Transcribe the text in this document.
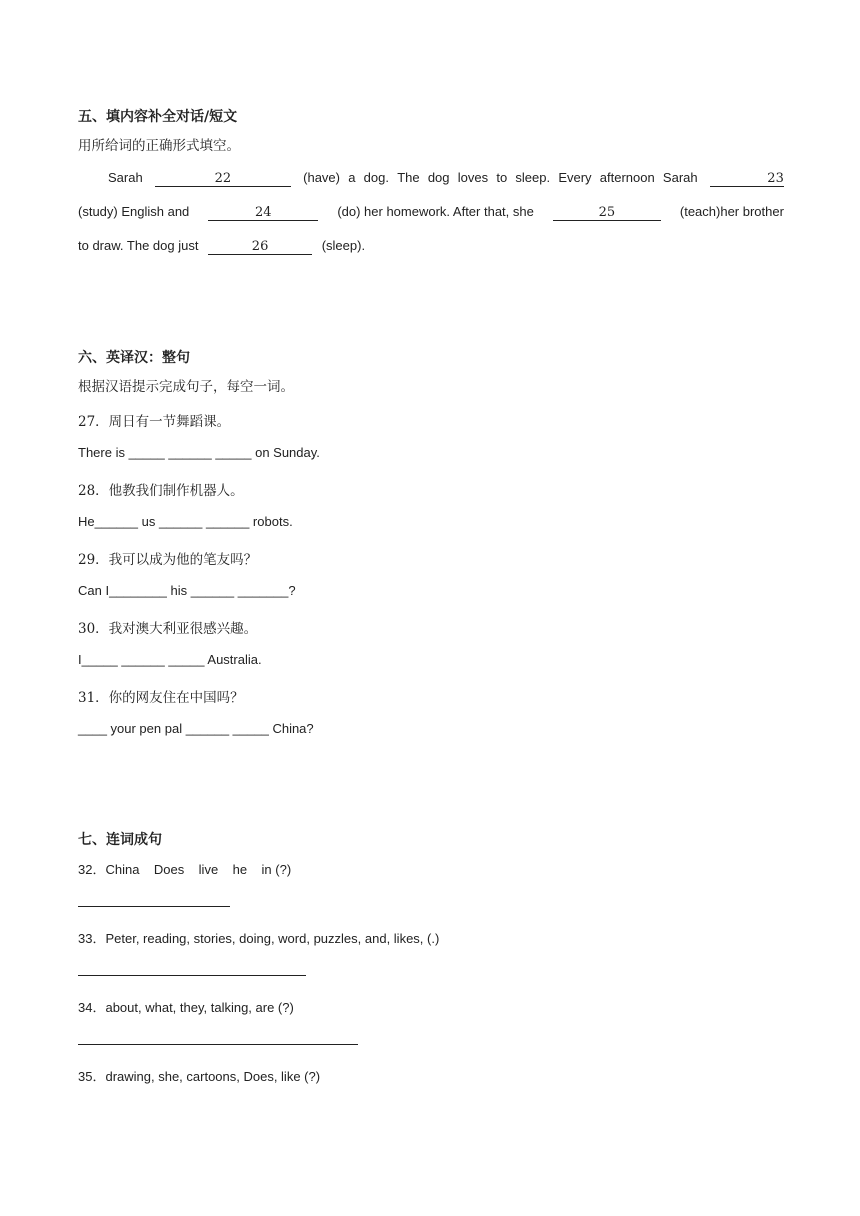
五、填内容补全对话/短文
用所给词的正确形式填空。
Sarah	22	(have) a dog. The dog loves to sleep. Every afternoon Sarah	23
(study) English and	24	(do) her homework. After that, she	25	(teach)her brother
to draw. The dog just	26	(sleep).
六、英译汉：整句
根据汉语提示完成句子，每空一词。
27．周日有一节舞蹈课。
There is _____ ______ _____ on Sunday.
28．他教我们制作机器人。
He______ us ______ ______ robots.
29．我可以成为他的笔友吗？
Can I________ his ______ _______?
30．我对澳大利亚很感兴趣。
I_____ ______ _____ Australia.
31．你的网友住在中国吗？
____ your pen pal ______ _____ China?
七、连词成句
32．China    Does    live    he    in (?)
33．Peter, reading, stories, doing, word, puzzles, and, likes, (.)
34．about, what, they, talking, are (?)
35．drawing, she, cartoons, Does, like (?)
